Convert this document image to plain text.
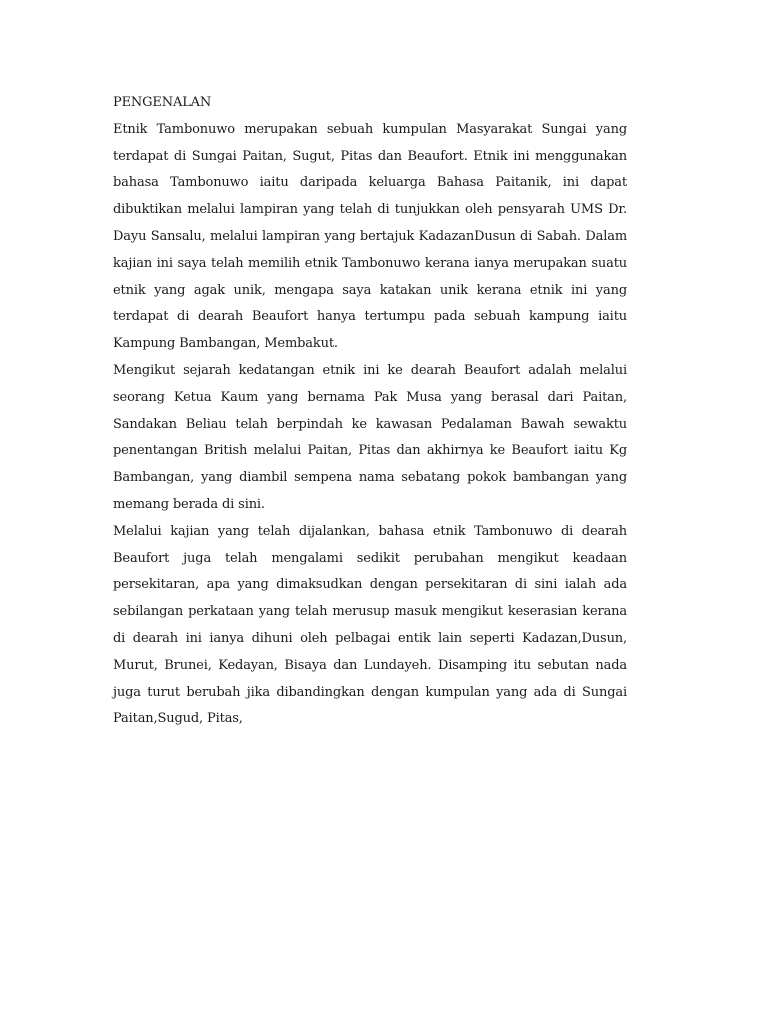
PENGENALAN

Etnik Tambonuwo merupakan sebuah kumpulan Masyarakat Sungai yang terdapat di Sungai Paitan, Sugut, Pitas dan Beaufort. Etnik ini menggunakan bahasa Tambonuwo iaitu daripada keluarga Bahasa Paitanik, ini dapat dibuktikan melalui lampiran yang telah di tunjukkan oleh pensyarah UMS Dr. Dayu Sansalu, melalui lampiran yang bertajuk KadazanDusun di Sabah. Dalam kajian ini saya telah memilih etnik Tambonuwo kerana ianya merupakan suatu etnik yang agak unik, mengapa saya katakan unik kerana etnik ini yang terdapat di dearah Beaufort hanya tertumpu pada sebuah kampung iaitu Kampung Bambangan, Membakut.

Mengikut sejarah kedatangan etnik ini ke dearah Beaufort adalah melalui seorang Ketua Kaum yang bernama Pak Musa yang berasal dari Paitan, Sandakan Beliau telah berpindah ke kawasan Pedalaman Bawah sewaktu penentangan British melalui Paitan, Pitas dan akhirnya ke Beaufort iaitu Kg Bambangan, yang diambil sempena nama sebatang pokok bambangan yang memang berada di sini.

Melalui kajian yang telah dijalankan, bahasa etnik Tambonuwo di dearah Beaufort juga telah mengalami sedikit perubahan mengikut keadaan persekitaran, apa yang dimaksudkan dengan persekitaran di sini ialah ada sebilangan perkataan yang telah merusup masuk mengikut keserasian kerana di dearah ini ianya dihuni oleh pelbagai entik lain seperti Kadazan,Dusun, Murut, Brunei, Kedayan, Bisaya dan Lundayeh. Disamping itu sebutan nada juga turut berubah jika dibandingkan dengan kumpulan yang ada di Sungai Paitan,Sugud, Pitas,
